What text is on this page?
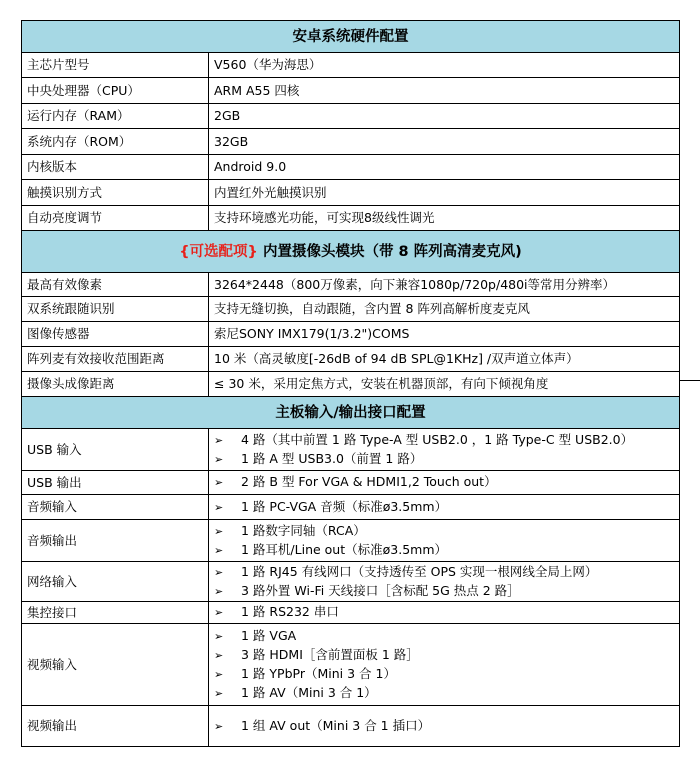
安卓系统硬件配置	
主芯片型号	V560（华为海思）
中央处理器（CPU）	ARM A55 四核
运行内存（RAM）	2GB
系统内存（ROM）	32GB
内核版本	Android 9.0
触摸识别方式	内置红外光触摸识别
自动亮度调节	支持环境感光功能，可实现8级线性调光
{可选配项} 内置摄像头模块（带 8 阵列高清麦克风)	
最高有效像素	3264*2448（800万像素，向下兼容1080p/720p/480i等常用分辨率）
双系统跟随识别	支持无缝切换，自动跟随，含内置 8 阵列高解析度麦克风
图像传感器	索尼SONY IMX179(1/3.2")COMS
阵列麦有效接收范围距离	10 米（高灵敏度[-26dB of 94 dB SPL@1KHz] /双声道立体声）
摄像头成像距离	≤ 30 米，采用定焦方式，安装在机器顶部，有向下倾视角度
主板输入/输出接口配置	
USB 输入	➢ 4 路（其中前置 1 路 Type-A 型 USB2.0 ，1 路 Type-C 型 USB2.0）
➢ 1 路 A 型 USB3.0（前置 1 路）

USB 输出	➢ 2 路 B 型 For VGA & HDMI1,2 Touch out）

音频输入	➢ 1 路 PC-VGA 音频（标准ø3.5mm）

音频输出	➢ 1 路数字同轴（RCA）
➢ 1 路耳机/Line out（标准ø3.5mm）

网络输入	➢ 1 路 RJ45 有线网口（支持透传至 OPS 实现一根网线全局上网）
➢ 3 路外置 Wi-Fi 天线接口［含标配 5G 热点 2 路］

集控接口	➢ 1 路 RS232 串口

视频输入	➢ 1 路 VGA
➢ 3 路 HDMI［含前置面板 1 路］
➢ 1 路 YPbPr（Mini 3 合 1）
➢ 1 路 AV（Mini 3 合 1）

视频输出	➢ 1 组 AV out（Mini 3 合 1 插口）
